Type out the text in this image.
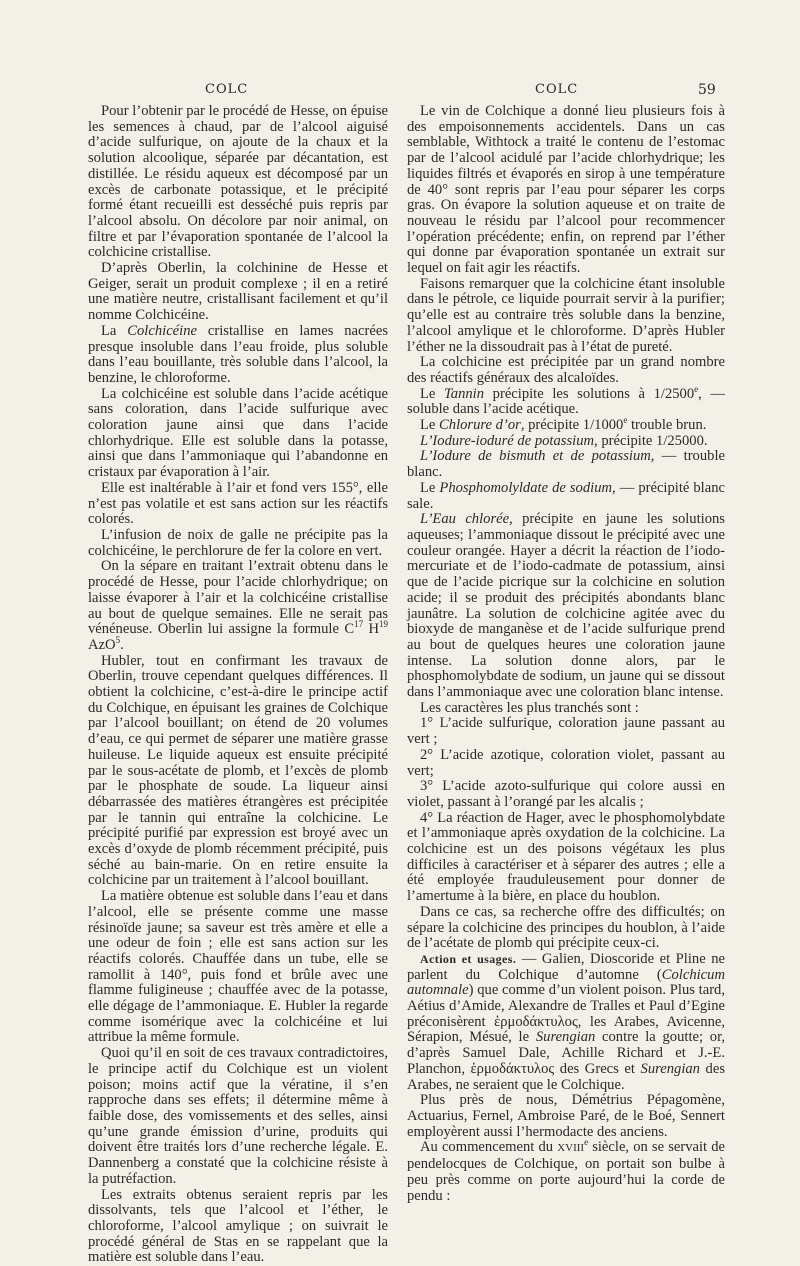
COLC	COLC	59

Pour l’obtenir par le procédé de Hesse, on épuise les semences à chaud, par de l’alcool aiguisé d’acide sulfurique, on ajoute de la chaux et la solution alcoolique, séparée par décantation, est distillée. Le résidu aqueux est décomposé par un excès de carbonate potassique, et le précipité formé étant recueilli est desséché puis repris par l’alcool absolu. On décolore par noir animal, on filtre et par l’évaporation spontanée de l’alcool la colchicine cristallise.

D’après Oberlin, la colchinine de Hesse et Geiger, serait un produit complexe ; il en a retiré une matière neutre, cristallisant facilement et qu’il nomme Colchicéine.

La Colchicéine cristallise en lames nacrées presque insoluble dans l’eau froide, plus soluble dans l’eau bouillante, très soluble dans l’alcool, la benzine, le chloroforme.

La colchicéine est soluble dans l’acide acétique sans coloration, dans l’acide sulfurique avec coloration jaune ainsi que dans l’acide chlorhydrique. Elle est soluble dans la potasse, ainsi que dans l’ammoniaque qui l’abandonne en cristaux par évaporation à l’air.

Elle est inaltérable à l’air et fond vers 155°, elle n’est pas volatile et est sans action sur les réactifs colorés.

L’infusion de noix de galle ne précipite pas la colchicéine, le perchlorure de fer la colore en vert.

On la sépare en traitant l’extrait obtenu dans le procédé de Hesse, pour l’acide chlorhydrique; on laisse évaporer à l’air et la colchicéine cristallise au bout de quelque semaines. Elle ne serait pas vénéneuse. Oberlin lui assigne la formule $C^{17}$ $H^{19}$ AzO$^5$.

Hubler, tout en confirmant les travaux de Oberlin, trouve cependant quelques différences. Il obtient la colchicine, c’est-à-dire le principe actif du Colchique, en épuisant les graines de Colchique par l’alcool bouillant; on étend de 20 volumes d’eau, ce qui permet de séparer une matière grasse huileuse. Le liquide aqueux est ensuite précipité par le sous-acétate de plomb, et l’excès de plomb par le phosphate de soude. La liqueur ainsi débarrassée des matières étrangères est précipitée par le tannin qui entraîne la colchicine. Le précipité purifié par expression est broyé avec un excès d’oxyde de plomb récemment précipité, puis séché au bain-marie. On en retire ensuite la colchicine par un traitement à l’alcool bouillant.

La matière obtenue est soluble dans l’eau et dans l’alcool, elle se présente comme une masse résinoïde jaune; sa saveur est très amère et elle a une odeur de foin ; elle est sans action sur les réactifs colorés. Chauffée dans un tube, elle se ramollit à 140°, puis fond et brûle avec une flamme fuligineuse ; chauffée avec de la potasse, elle dégage de l’ammoniaque. E. Hubler la regarde comme isomérique avec la colchicéine et lui attribue la même formule.

Quoi qu’il en soit de ces travaux contradictoires, le principe actif du Colchique est un violent poison; moins actif que la vératine, il s’en rapproche dans ses effets; il détermine même à faible dose, des vomissements et des selles, ainsi qu’une grande émission d’urine, produits qui doivent être traités lors d’une recherche légale. E. Dannenberg a constaté que la colchicine résiste à la putréfaction.

Les extraits obtenus seraient repris par les dissolvants, tels que l’alcool et l’éther, le chloroforme, l’alcool amylique ; on suivrait le procédé général de Stas en se rappelant que la matière est soluble dans l’eau.

Le vin de Colchique a donné lieu plusieurs fois à des empoisonnements accidentels. Dans un cas semblable, Withtock a traité le contenu de l’estomac par de l’alcool acidulé par l’acide chlorhydrique; les liquides filtrés et évaporés en sirop à une température de 40° sont repris par l’eau pour séparer les corps gras. On évapore la solution aqueuse et on traite de nouveau le résidu par l’alcool pour recommencer l’opération précédente; enfin, on reprend par l’éther qui donne par évaporation spontanée un extrait sur lequel on fait agir les réactifs.

Faisons remarquer que la colchicine étant insoluble dans le pétrole, ce liquide pourrait servir à la purifier; qu’elle est au contraire très soluble dans la benzine, l’alcool amylique et le chloroforme. D’après Hubler l’éther ne la dissoudrait pas à l’état de pureté.

La colchicine est précipitée par un grand nombre des réactifs généraux des alcaloïdes.

Le Tannin précipite les solutions à 1/2500e, —soluble dans l’acide acétique.

Le Chlorure d’or, précipite 1/1000e trouble brun.

L’Iodure-ioduré de potassium, précipite 1/25000.

L’Iodure de bismuth et de potassium, — trouble blanc.

Le Phosphomolyldate de sodium, — précipité blanc sale.

L’Eau chlorée, précipite en jaune les solutions aqueuses; l’ammoniaque dissout le précipité avec une couleur orangée. Hayer a décrit la réaction de l’iodo-mercuriate et de l’iodo-cadmate de potassium, ainsi que de l’acide picrique sur la colchicine en solution acide; il se produit des précipités abondants blanc jaunâtre. La solution de colchicine agitée avec du bioxyde de manganèse et de l’acide sulfurique prend au bout de quelques heures une coloration jaune intense. La solution donne alors, par le phosphomolybdate de sodium, un jaune qui se dissout dans l’ammoniaque avec une coloration blanc intense.

Les caractères les plus tranchés sont :

1° L’acide sulfurique, coloration jaune passant au vert ;

2° L’acide azotique, coloration violet, passant au vert;

3° L’acide azoto-sulfurique qui colore aussi en violet, passant à l’orangé par les alcalis ;

4° La réaction de Hager, avec le phosphomolybdate et l’ammoniaque après oxydation de la colchicine. La colchicine est un des poisons végétaux les plus difficiles à caractériser et à séparer des autres ; elle a été employée frauduleusement pour donner de l’amertume à la bière, en place du houblon.

Dans ce cas, sa recherche offre des difficultés; on sépare la colchicine des principes du houblon, à l’aide de l’acétate de plomb qui précipite ceux-ci.

Action et usages. — Galien, Dioscoride et Pline ne parlent du Colchique d’automne (Colchicum automnale) que comme d’un violent poison. Plus tard, Aétius d’Amide, Alexandre de Tralles et Paul d’Egine préconisèrent ἑρμοδάκτυλος, les Arabes, Avicenne, Sérapion, Mésué, le Surengian contre la goutte; or, d’après Samuel Dale, Achille Richard et J.-E. Planchon, ἑρμοδάκτυλος des Grecs et Surengian des Arabes, ne seraient que le Colchique.

Plus près de nous, Démétrius Pépagomène, Actuarius, Fernel, Ambroise Paré, de le Boé, Sennert employèrent aussi l’hermodacte des anciens.

Au commencement du XVIIIe siècle, on se servait de pendelocques de Colchique, on portait son bulbe à peu près comme on porte aujourd’hui la corde de pendu :
